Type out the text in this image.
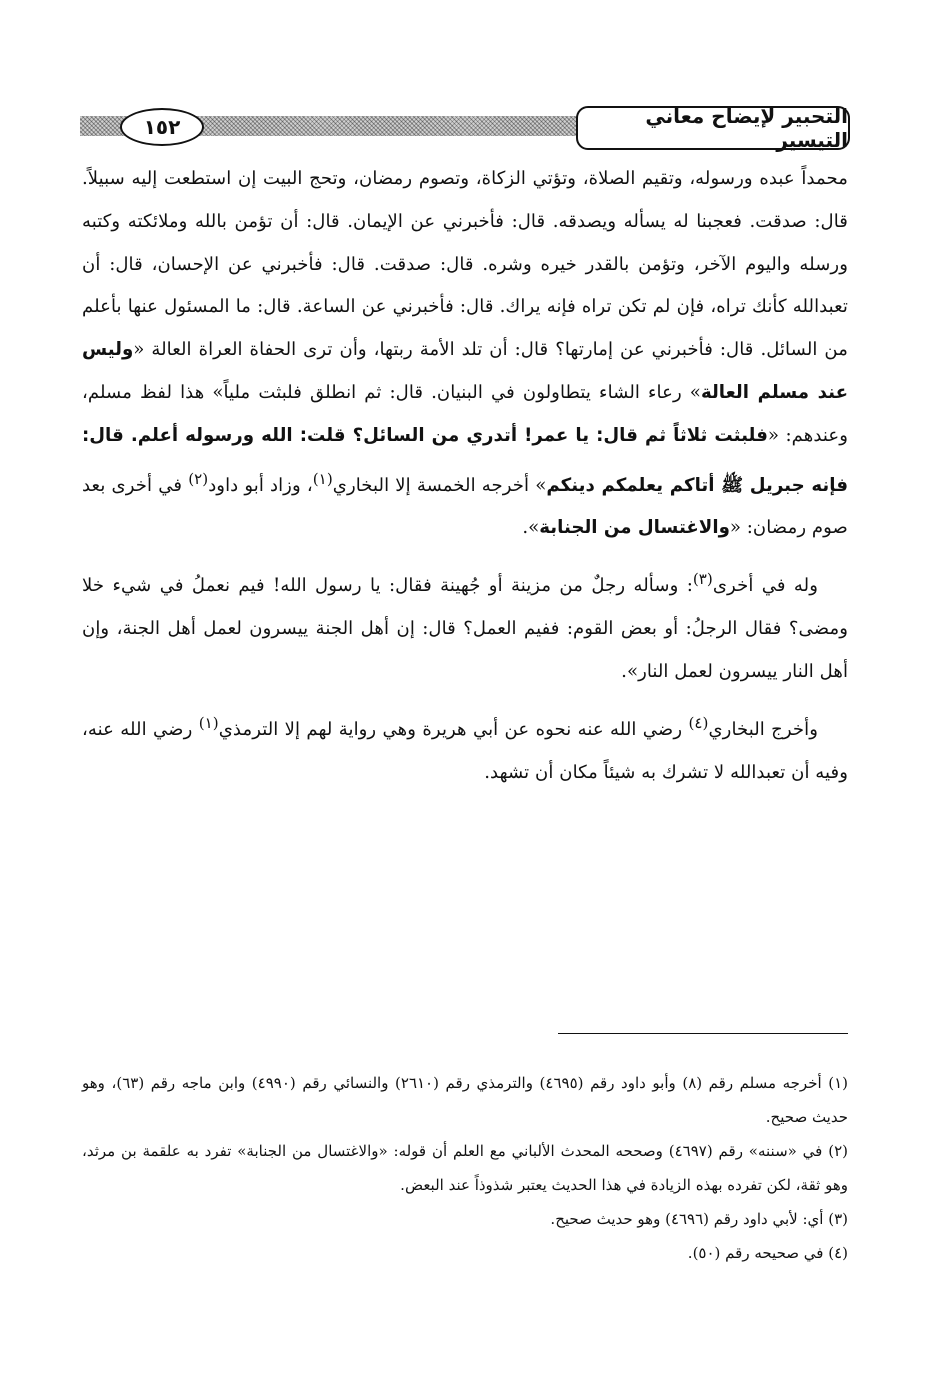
التحبير لإيضاح معاني التيسير
١٥٢

محمداً عبده ورسوله، وتقيم الصلاة، وتؤتي الزكاة، وتصوم رمضان، وتحج البيت إن استطعت إليه سبيلاً. قال: صدقت. فعجبنا له يسأله ويصدقه. قال: فأخبرني عن الإيمان. قال: أن تؤمن بالله وملائكته وكتبه ورسله واليوم الآخر، وتؤمن بالقدر خيره وشره. قال: صدقت. قال: فأخبرني عن الإحسان، قال: أن تعبدالله كأنك تراه، فإن لم تكن تراه فإنه يراك. قال: فأخبرني عن الساعة. قال: ما المسئول عنها بأعلم من السائل. قال: فأخبرني عن إمارتها؟ قال: أن تلد الأمة ربتها، وأن ترى الحفاة العراة العالة «وليس عند مسلم العالة» رعاء الشاء يتطاولون في البنيان. قال: ثم انطلق فلبثت ملياً» هذا لفظ مسلم، وعندهم: «فلبثت ثلاثاً ثم قال: يا عمر! أتدري من السائل؟ قلت: الله ورسوله أعلم. قال: فإنه جبريل ﷺ أتاكم يعلمكم دينكم» أخرجه الخمسة إلا البخاري$^{(١)}$، وزاد أبو داود$^{(٢)}$ في أخرى بعد صوم رمضان: «والاغتسال من الجنابة».

وله في أخرى$^{(٣)}$: وسأله رجلٌ من مزينة أو جُهينة فقال: يا رسول الله! فيم نعملُ في شيء خلا ومضى؟ فقال الرجلُ: أو بعض القوم: ففيم العمل؟ قال: إن أهل الجنة ييسرون لعمل أهل الجنة، وإن أهل النار ييسرون لعمل النار».

وأخرج البخاري$^{(٤)}$ رضي الله عنه نحوه عن أبي هريرة وهي رواية لهم إلا الترمذي$^{(١)}$ رضي الله عنه، وفيه أن تعبدالله لا تشرك به شيئاً مكان أن تشهد.

(١) أخرجه مسلم رقم (٨) وأبو داود رقم (٤٦٩٥) والترمذي رقم (٢٦١٠) والنسائي رقم (٤٩٩٠) وابن ماجه رقم (٦٣)، وهو حديث صحيح.

(٢) في «سننه» رقم (٤٦٩٧) وصححه المحدث الألباني مع العلم أن قوله: «والاغتسال من الجنابة» تفرد به علقمة بن مرثد، وهو ثقة، لكن تفرده بهذه الزيادة في هذا الحديث يعتبر شذوذاً عند البعض.

(٣) أي: لأبي داود رقم (٤٦٩٦) وهو حديث صحيح.

(٤) في صحيحه رقم (٥٠).
